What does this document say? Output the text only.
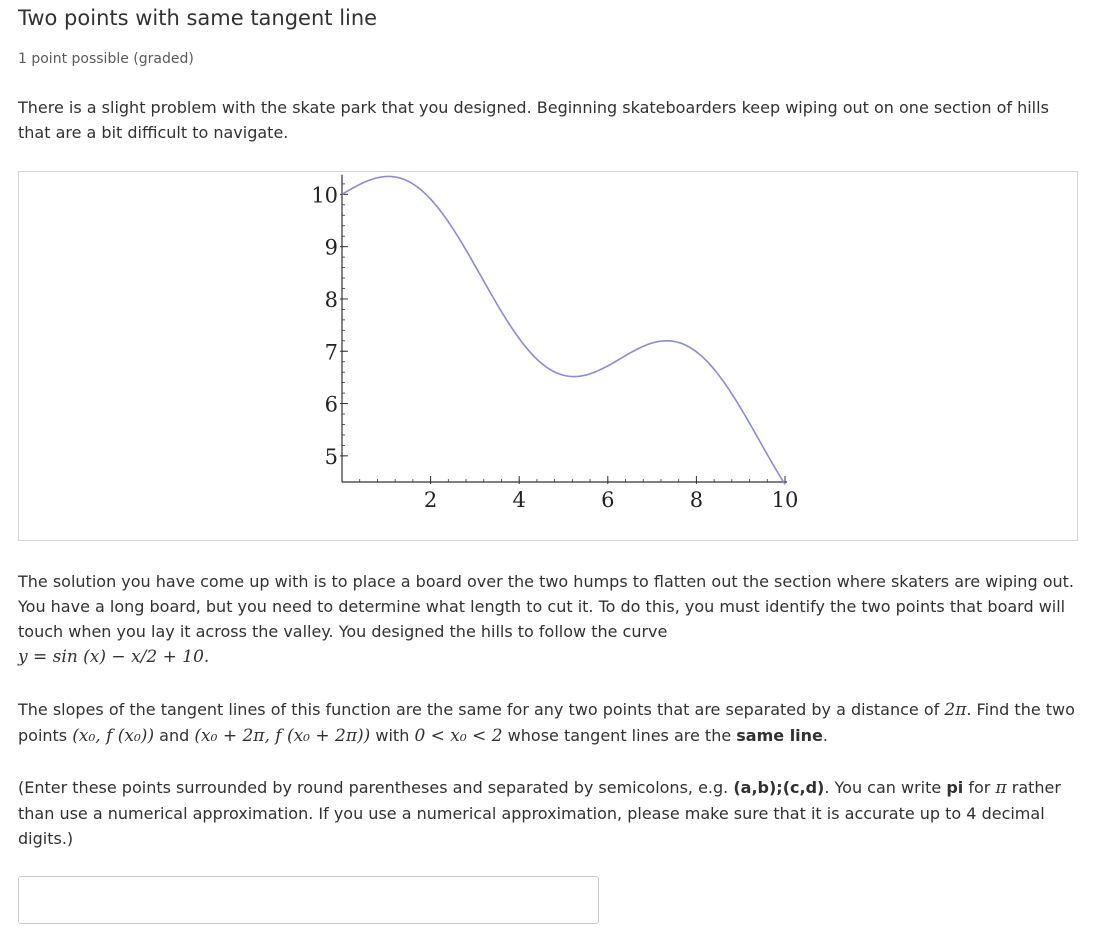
Two points with same tangent line
1 point possible (graded)

There is a slight problem with the skate park that you designed. Beginning skateboarders keep wiping out on one section of hills that are a bit difficult to navigate.

2	4	6	8	10
5
6
7
8
9
10

The solution you have come up with is to place a board over the two humps to flatten out the section where skaters are wiping out. You have a long board, but you need to determine what length to cut it. To do this, you must identify the two points that board will touch when you lay it across the valley. You designed the hills to follow the curve
y = sin (x) − x/2 + 10.

The slopes of the tangent lines of this function are the same for any two points that are separated by a distance of 2π. Find the two points (x₀, f (x₀)) and (x₀ + 2π, f (x₀ + 2π)) with 0 < x₀ < 2 whose tangent lines are the same line.

(Enter these points surrounded by round parentheses and separated by semicolons, e.g. (a,b);(c,d). You can write pi for π rather than use a numerical approximation. If you use a numerical approximation, please make sure that it is accurate up to 4 decimal digits.)
